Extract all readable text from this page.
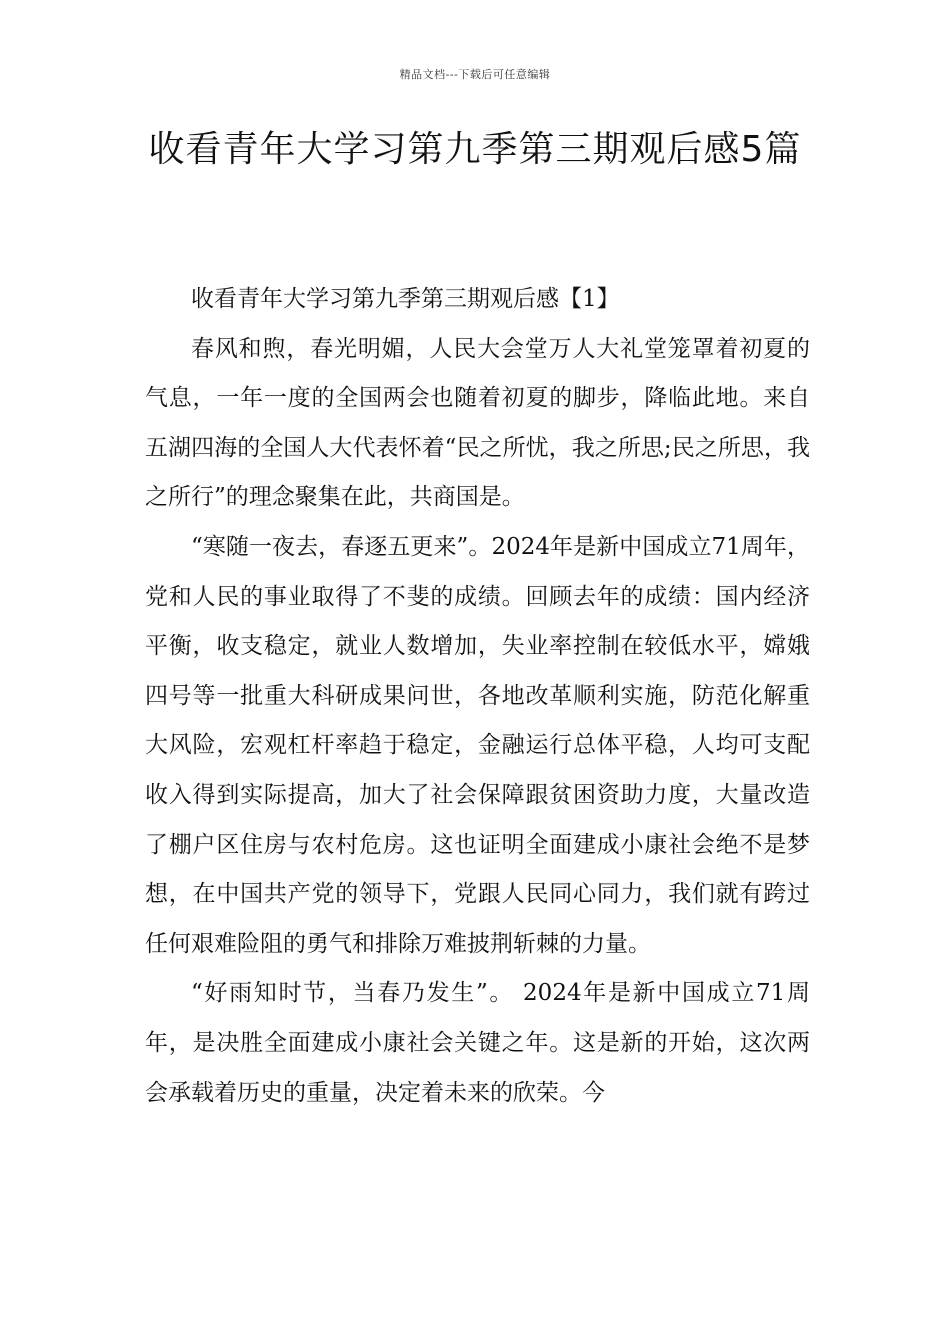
精品文档---下载后可任意编辑
收看青年大学习第九季第三期观后感5篇

收看青年大学习第九季第三期观后感【1】

春风和煦，春光明媚，人民大会堂万人大礼堂笼罩着初夏的气息，一年一度的全国两会也随着初夏的脚步，降临此地。来自五湖四海的全国人大代表怀着“民之所忧，我之所思;民之所思，我之所行”的理念聚集在此，共商国是。

“寒随一夜去，春逐五更来”。2024年是新中国成立71周年，党和人民的事业取得了不斐的成绩。回顾去年的成绩：国内经济平衡，收支稳定，就业人数增加，失业率控制在较低水平，嫦娥四号等一批重大科研成果问世，各地改革顺利实施，防范化解重大风险，宏观杠杆率趋于稳定，金融运行总体平稳，人均可支配收入得到实际提高，加大了社会保障跟贫困资助力度，大量改造了棚户区住房与农村危房。这也证明全面建成小康社会绝不是梦想，在中国共产党的领导下，党跟人民同心同力，我们就有跨过任何艰难险阻的勇气和排除万难披荆斩棘的力量。

“好雨知时节，当春乃发生”。 2024年是新中国成立71周年，是决胜全面建成小康社会关键之年。这是新的开始，这次两会承载着历史的重量，决定着未来的欣荣。今
